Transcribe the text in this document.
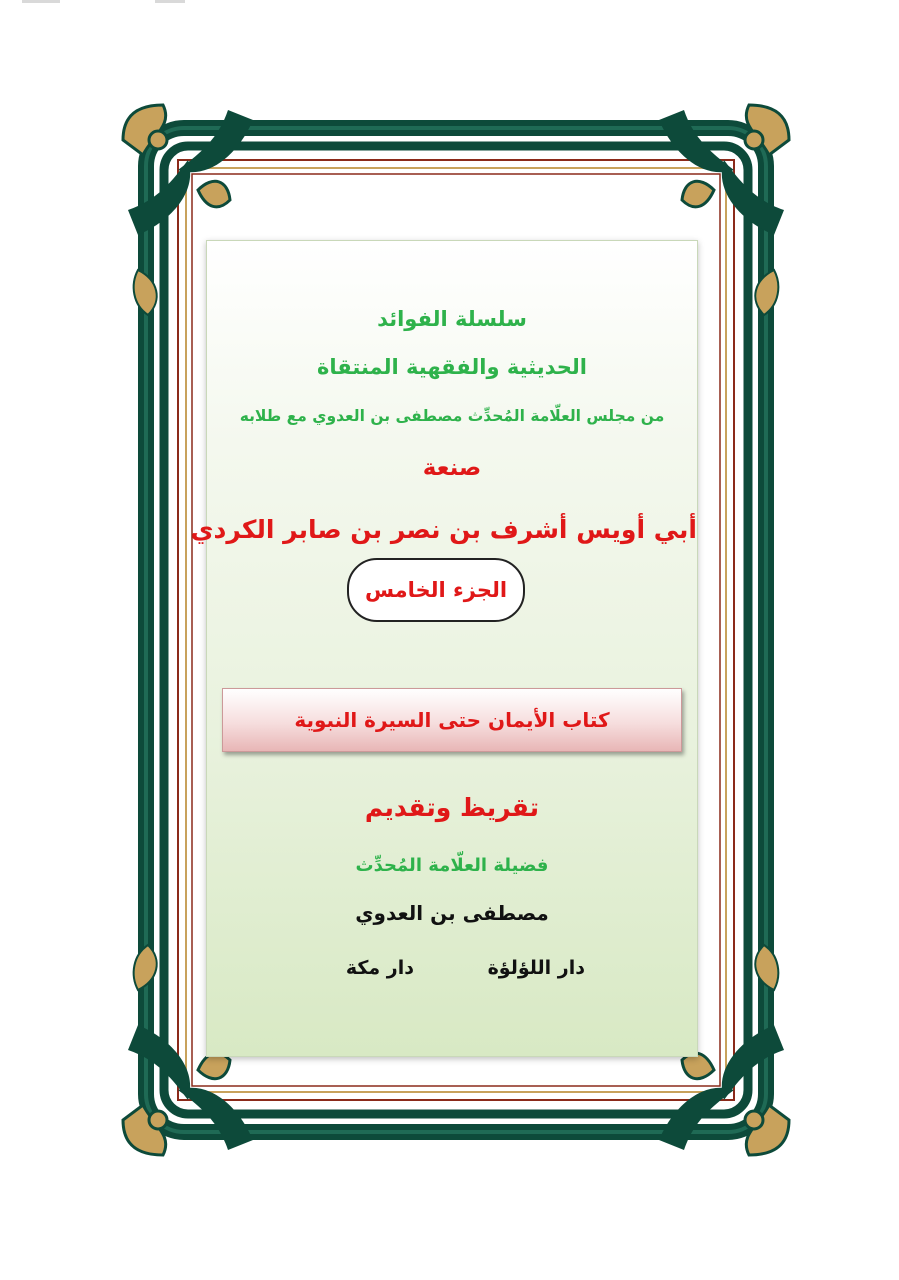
سلسلة الفوائد
الحديثية والفقهية المنتقاة
من مجلس العلّامة المُحدِّث مصطفى بن العدوي مع طلابه
صنعة
أبي أويس أشرف بن نصر بن صابر الكردي
الجزء الخامس
كتاب الأيمان حتى السيرة النبوية
تقريظ وتقديم
فضيلة العلّامة المُحدِّث
مصطفى بن العدوي
دار اللؤلؤة
دار مكة
